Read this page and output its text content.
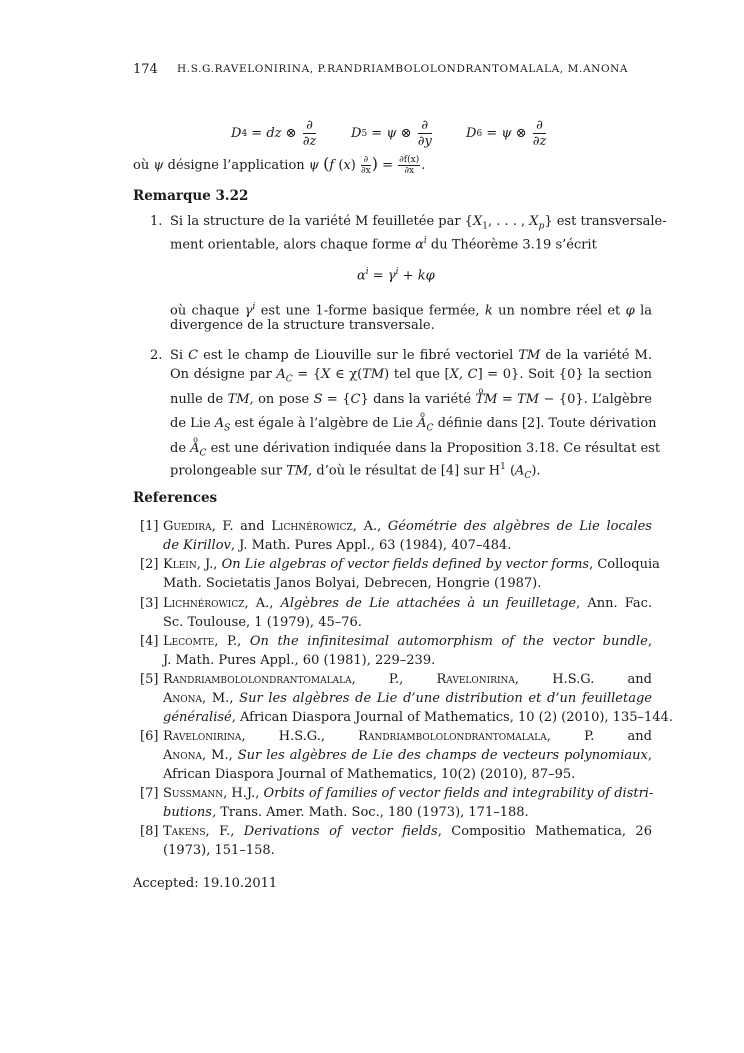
174 H.S.G.RAVELONIRINA, P.RANDRIAMBOLOLONDRANTOMALALA, M.ANONA
D 4 = dz ⊗ $\frac{\partial}{\partial z}$	D 5 = ψ ⊗ $\frac{\partial}{\partial y}$	D 6 = ψ ⊗ $\frac{\partial}{\partial z}$
où ψ désigne l’application ψ (f $(x) \frac{\partial}{\partial x}$ ) = $\frac{\partial f(x)}{\partial x}$ .
Remarque 3.22
1. Si la structure de la variété M feuilletée par {$X_1$, . . . , $X_p$} est transversale-
ment orientable, alors chaque forme $\alpha^i$ du Théorème 3.19 s’écrit
$\alpha^i = \gamma^i + k\varphi$
où chaque $\gamma^i$ est une 1-forme basique fermée, k un nombre réel et φ la
divergence de la structure transversale.
2. Si C est le champ de Liouville sur le fibré vectoriel TM de la variété M.
On désigne par $A_C = \{X$ ∈ χ(TM) tel que [X, C] = 0}. Soit {0} la section
nulle de TM, on pose S = {C} dans la variété o TM = TM − {0}. L’algèbre
de Lie $A_S$ est égale à l’algèbre de Lie o $A_C$ définie dans [2]. Toute dérivation
de o $A_C$ est une dérivation indiquée dans la Proposition 3.18. Ce résultat est
prolongeable sur TM, d’où le résultat de [4] sur $H^1$ $(A_C)$.
References
[1] Guedira, F. and Lichnérowicz, A., Géométrie des algèbres de Lie locales
de Kirillov, J. Math. Pures Appl., 63 (1984), 407–484.
[2] Klein, J., On Lie algebras of vector fields defined by vector forms, Colloquia
Math. Societatis Janos Bolyai, Debrecen, Hongrie (1987).
[3] Lichnérowicz, A., Algèbres de Lie attachées à un feuilletage, Ann. Fac.
Sc. Toulouse, 1 (1979), 45–76.
[4] Lecomte, P., On the infinitesimal automorphism of the vector bundle,
J. Math. Pures Appl., 60 (1981), 229–239.
[5] Randriambololondrantomalala, P., Ravelonirina, H.S.G. and
Anona, M., Sur les algèbres de Lie d’une distribution et d’un feuilletage
généralisé, African Diaspora Journal of Mathematics, 10 (2) (2010), 135–144.
[6] Ravelonirina, H.S.G., Randriambololondrantomalala, P. and
Anona, M., Sur les algèbres de Lie des champs de vecteurs polynomiaux,
African Diaspora Journal of Mathematics, 10(2) (2010), 87–95.
[7] Sussmann, H.J., Orbits of families of vector fields and integrability of distri-
butions, Trans. Amer. Math. Soc., 180 (1973), 171–188.
[8] Takens, F., Derivations of vector fields, Compositio Mathematica, 26
(1973), 151–158.
Accepted: 19.10.2011
